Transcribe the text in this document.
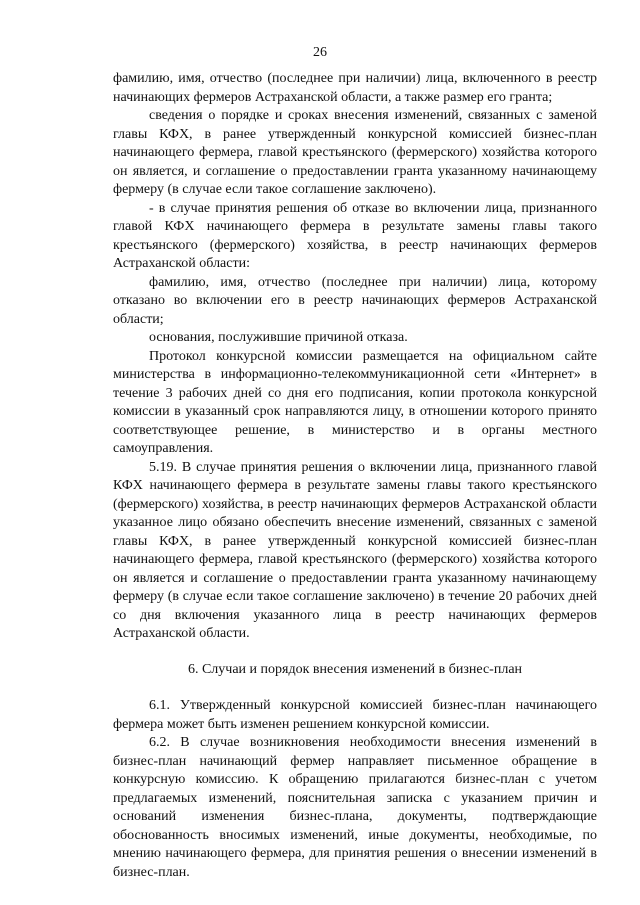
26

фамилию, имя, отчество (последнее при наличии) лица, включенного в реестр начинающих фермеров Астраханской области, а также размер его гранта;

сведения о порядке и сроках внесения изменений, связанных с заменой главы КФХ, в ранее утвержденный конкурсной комиссией бизнес-план начинающего фермера, главой крестьянского (фермерского) хозяйства которого он является, и соглашение о предоставлении гранта указанному начинающему фермеру (в случае если такое соглашение заключено).

- в случае принятия решения об отказе во включении лица, признанного главой КФХ начинающего фермера в результате замены главы такого крестьянского (фермерского) хозяйства, в реестр начинающих фермеров Астраханской области:

фамилию, имя, отчество (последнее при наличии) лица, которому отказано во включении его в реестр начинающих фермеров Астраханской области;

основания, послужившие причиной отказа.

Протокол конкурсной комиссии размещается на официальном сайте министерства в информационно-телекоммуникационной сети «Интернет» в течение 3 рабочих дней со дня его подписания, копии протокола конкурсной комиссии в указанный срок направляются лицу, в отношении которого принято соответствующее решение, в министерство и в органы местного самоуправления.

5.19. В случае принятия решения о включении лица, признанного главой КФХ начинающего фермера в результате замены главы такого крестьянского (фермерского) хозяйства, в реестр начинающих фермеров Астраханской области указанное лицо обязано обеспечить внесение изменений, связанных с заменой главы КФХ, в ранее утвержденный конкурсной комиссией бизнес-план начинающего фермера, главой крестьянского (фермерского) хозяйства которого он является и соглашение о предоставлении гранта указанному начинающему фермеру (в случае если такое соглашение заключено) в течение 20 рабочих дней со дня включения указанного лица в реестр начинающих фермеров Астраханской области.

6. Случаи и порядок внесения изменений в бизнес-план

6.1. Утвержденный конкурсной комиссией бизнес-план начинающего фермера может быть изменен решением конкурсной комиссии.

6.2. В случае возникновения необходимости внесения изменений в бизнес-план начинающий фермер направляет письменное обращение в конкурсную комиссию. К обращению прилагаются бизнес-план с учетом предлагаемых изменений, пояснительная записка с указанием причин и оснований изменения бизнес-плана, документы, подтверждающие обоснованность вносимых изменений, иные документы, необходимые, по мнению начинающего фермера, для принятия решения о внесении изменений в бизнес-план.
